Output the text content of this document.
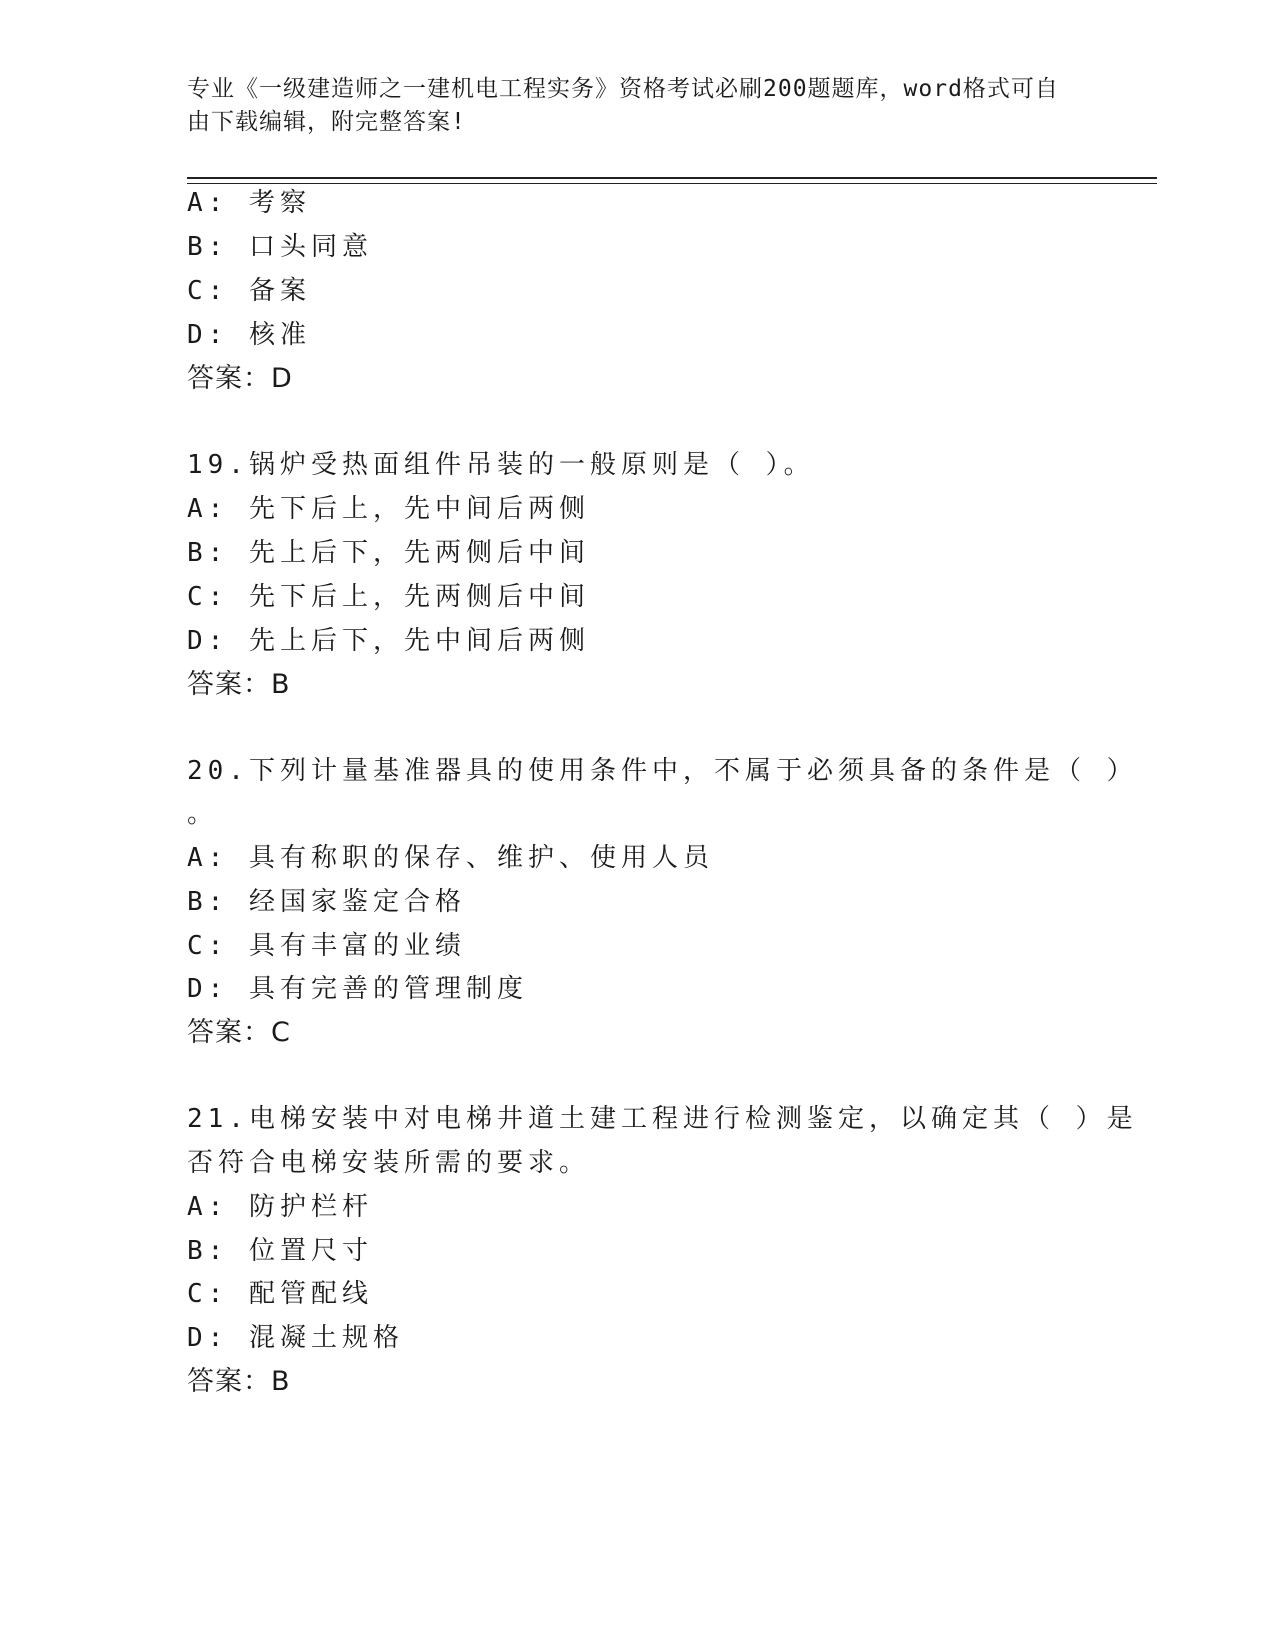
专业《一级建造师之一建机电工程实务》资格考试必刷200题题库，word格式可自由下载编辑，附完整答案!
A: 考察
B: 口头同意
C: 备案
D: 核准
答案：D
19.锅炉受热面组件吊装的一般原则是（ ）。
A: 先下后上，先中间后两侧
B: 先上后下，先两侧后中间
C: 先下后上，先两侧后中间
D: 先上后下，先中间后两侧
答案：B
20.下列计量基准器具的使用条件中，不属于必须具备的条件是（ ）
。
A: 具有称职的保存、维护、使用人员
B: 经国家鉴定合格
C: 具有丰富的业绩
D: 具有完善的管理制度
答案：C
21.电梯安装中对电梯井道土建工程进行检测鉴定，以确定其（ ）是
否符合电梯安装所需的要求。
A: 防护栏杆
B: 位置尺寸
C: 配管配线
D: 混凝土规格
答案：B
